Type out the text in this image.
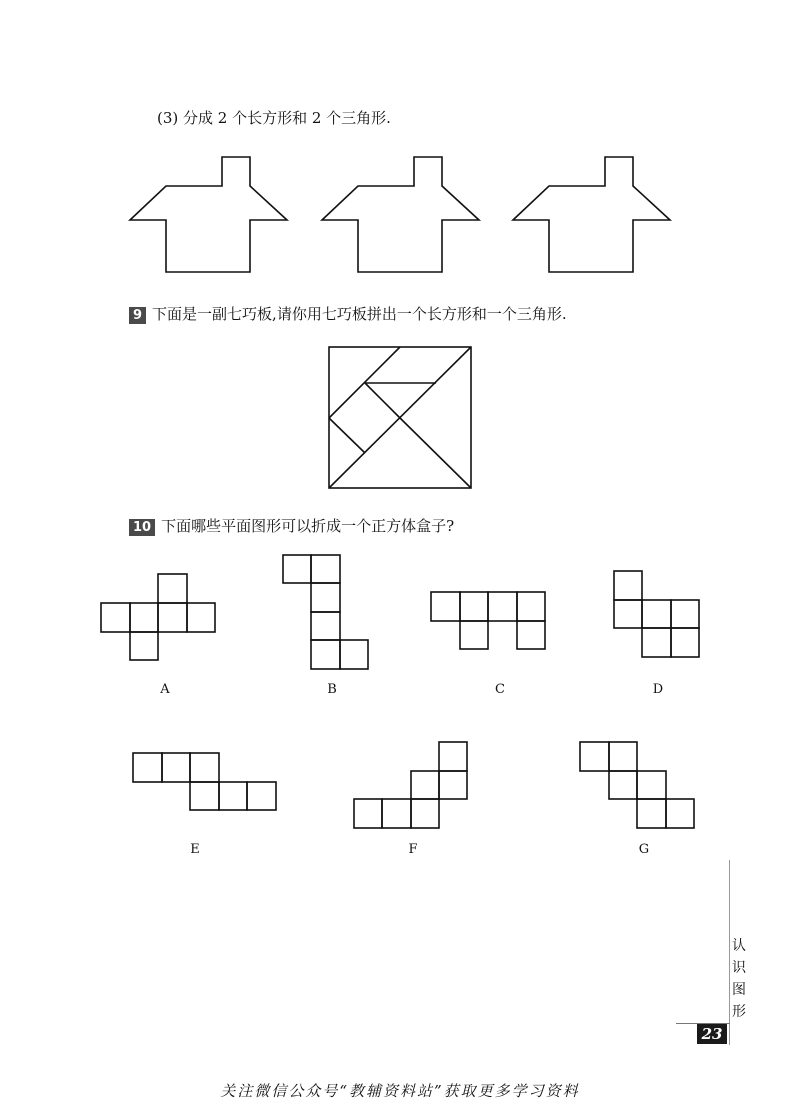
(3) 分成 2 个长方形和 2 个三角形.
9 下面是一副七巧板,请你用七巧板拼出一个长方形和一个三角形.
10 下面哪些平面图形可以折成一个正方体盒子?
A	B	C	D
E	F	G
认
识
图
形
23
关注微信公众号“教辅资料站”获取更多学习资料
